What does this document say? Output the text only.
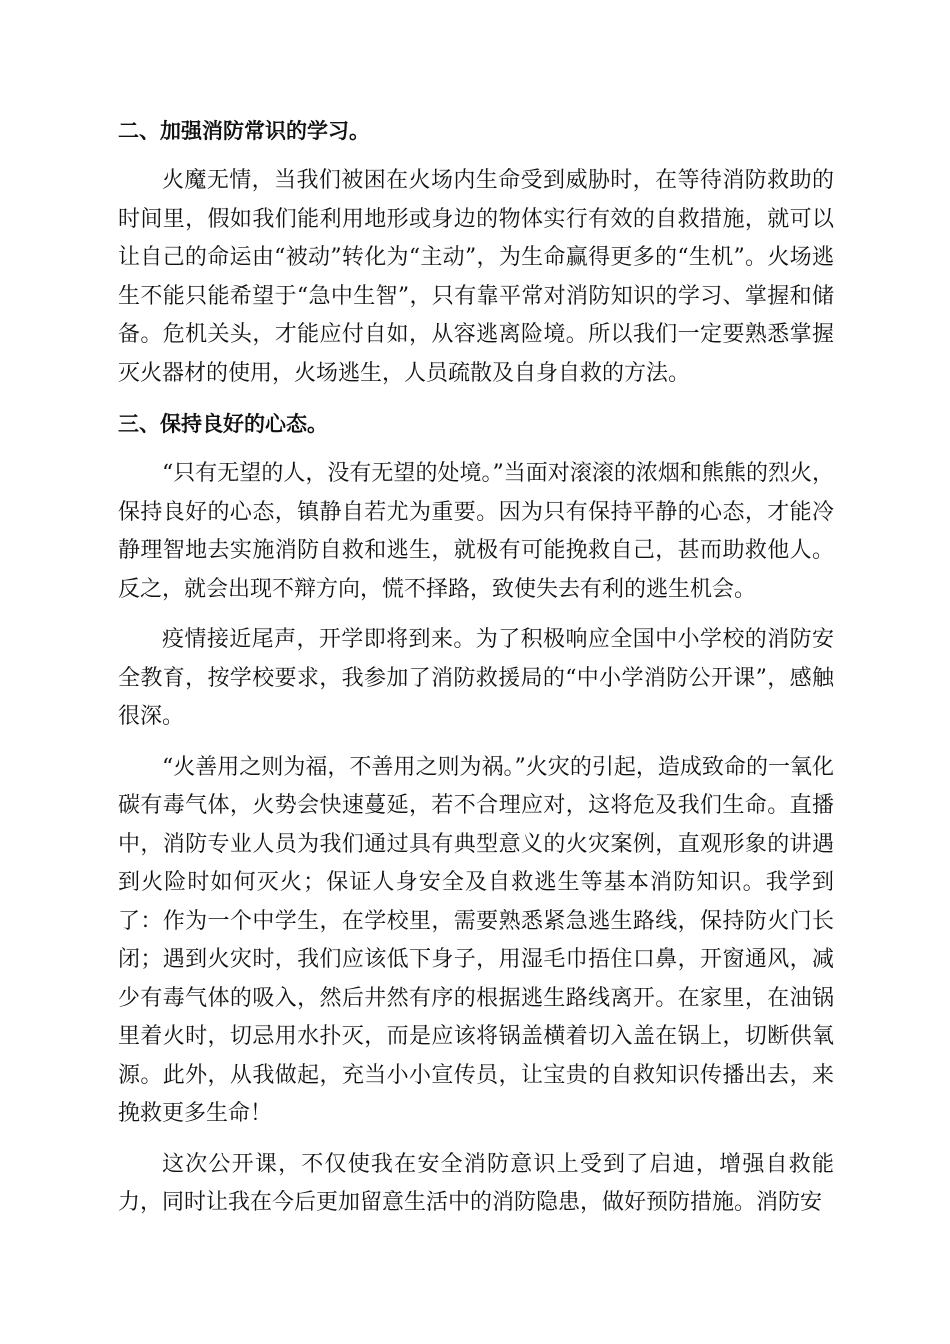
二、加强消防常识的学习。

火魔无情，当我们被困在火场内生命受到威胁时，在等待消防救助的时间里，假如我们能利用地形或身边的物体实行有效的自救措施，就可以让自己的命运由“被动”转化为“主动”，为生命赢得更多的“生机”。火场逃生不能只能希望于“急中生智”，只有靠平常对消防知识的学习、掌握和储备。危机关头，才能应付自如，从容逃离险境。所以我们一定要熟悉掌握灭火器材的使用，火场逃生，人员疏散及自身自救的方法。

三、保持良好的心态。

“只有无望的人，没有无望的处境。”当面对滚滚的浓烟和熊熊的烈火，保持良好的心态，镇静自若尤为重要。因为只有保持平静的心态，才能冷静理智地去实施消防自救和逃生，就极有可能挽救自己，甚而助救他人。反之，就会出现不辩方向，慌不择路，致使失去有利的逃生机会。

疫情接近尾声，开学即将到来。为了积极响应全国中小学校的消防安全教育，按学校要求，我参加了消防救援局的“中小学消防公开课”，感触很深。

“火善用之则为福，不善用之则为祸。”火灾的引起，造成致命的一氧化碳有毒气体，火势会快速蔓延，若不合理应对，这将危及我们生命。直播中，消防专业人员为我们通过具有典型意义的火灾案例，直观形象的讲遇到火险时如何灭火；保证人身安全及自救逃生等基本消防知识。我学到了：作为一个中学生，在学校里，需要熟悉紧急逃生路线，保持防火门长闭；遇到火灾时，我们应该低下身子，用湿毛巾捂住口鼻，开窗通风，减少有毒气体的吸入，然后井然有序的根据逃生路线离开。在家里，在油锅里着火时，切忌用水扑灭，而是应该将锅盖横着切入盖在锅上，切断供氧源。此外，从我做起，充当小小宣传员，让宝贵的自救知识传播出去，来挽救更多生命！

这次公开课，不仅使我在安全消防意识上受到了启迪，增强自救能力，同时让我在今后更加留意生活中的消防隐患，做好预防措施。消防安
